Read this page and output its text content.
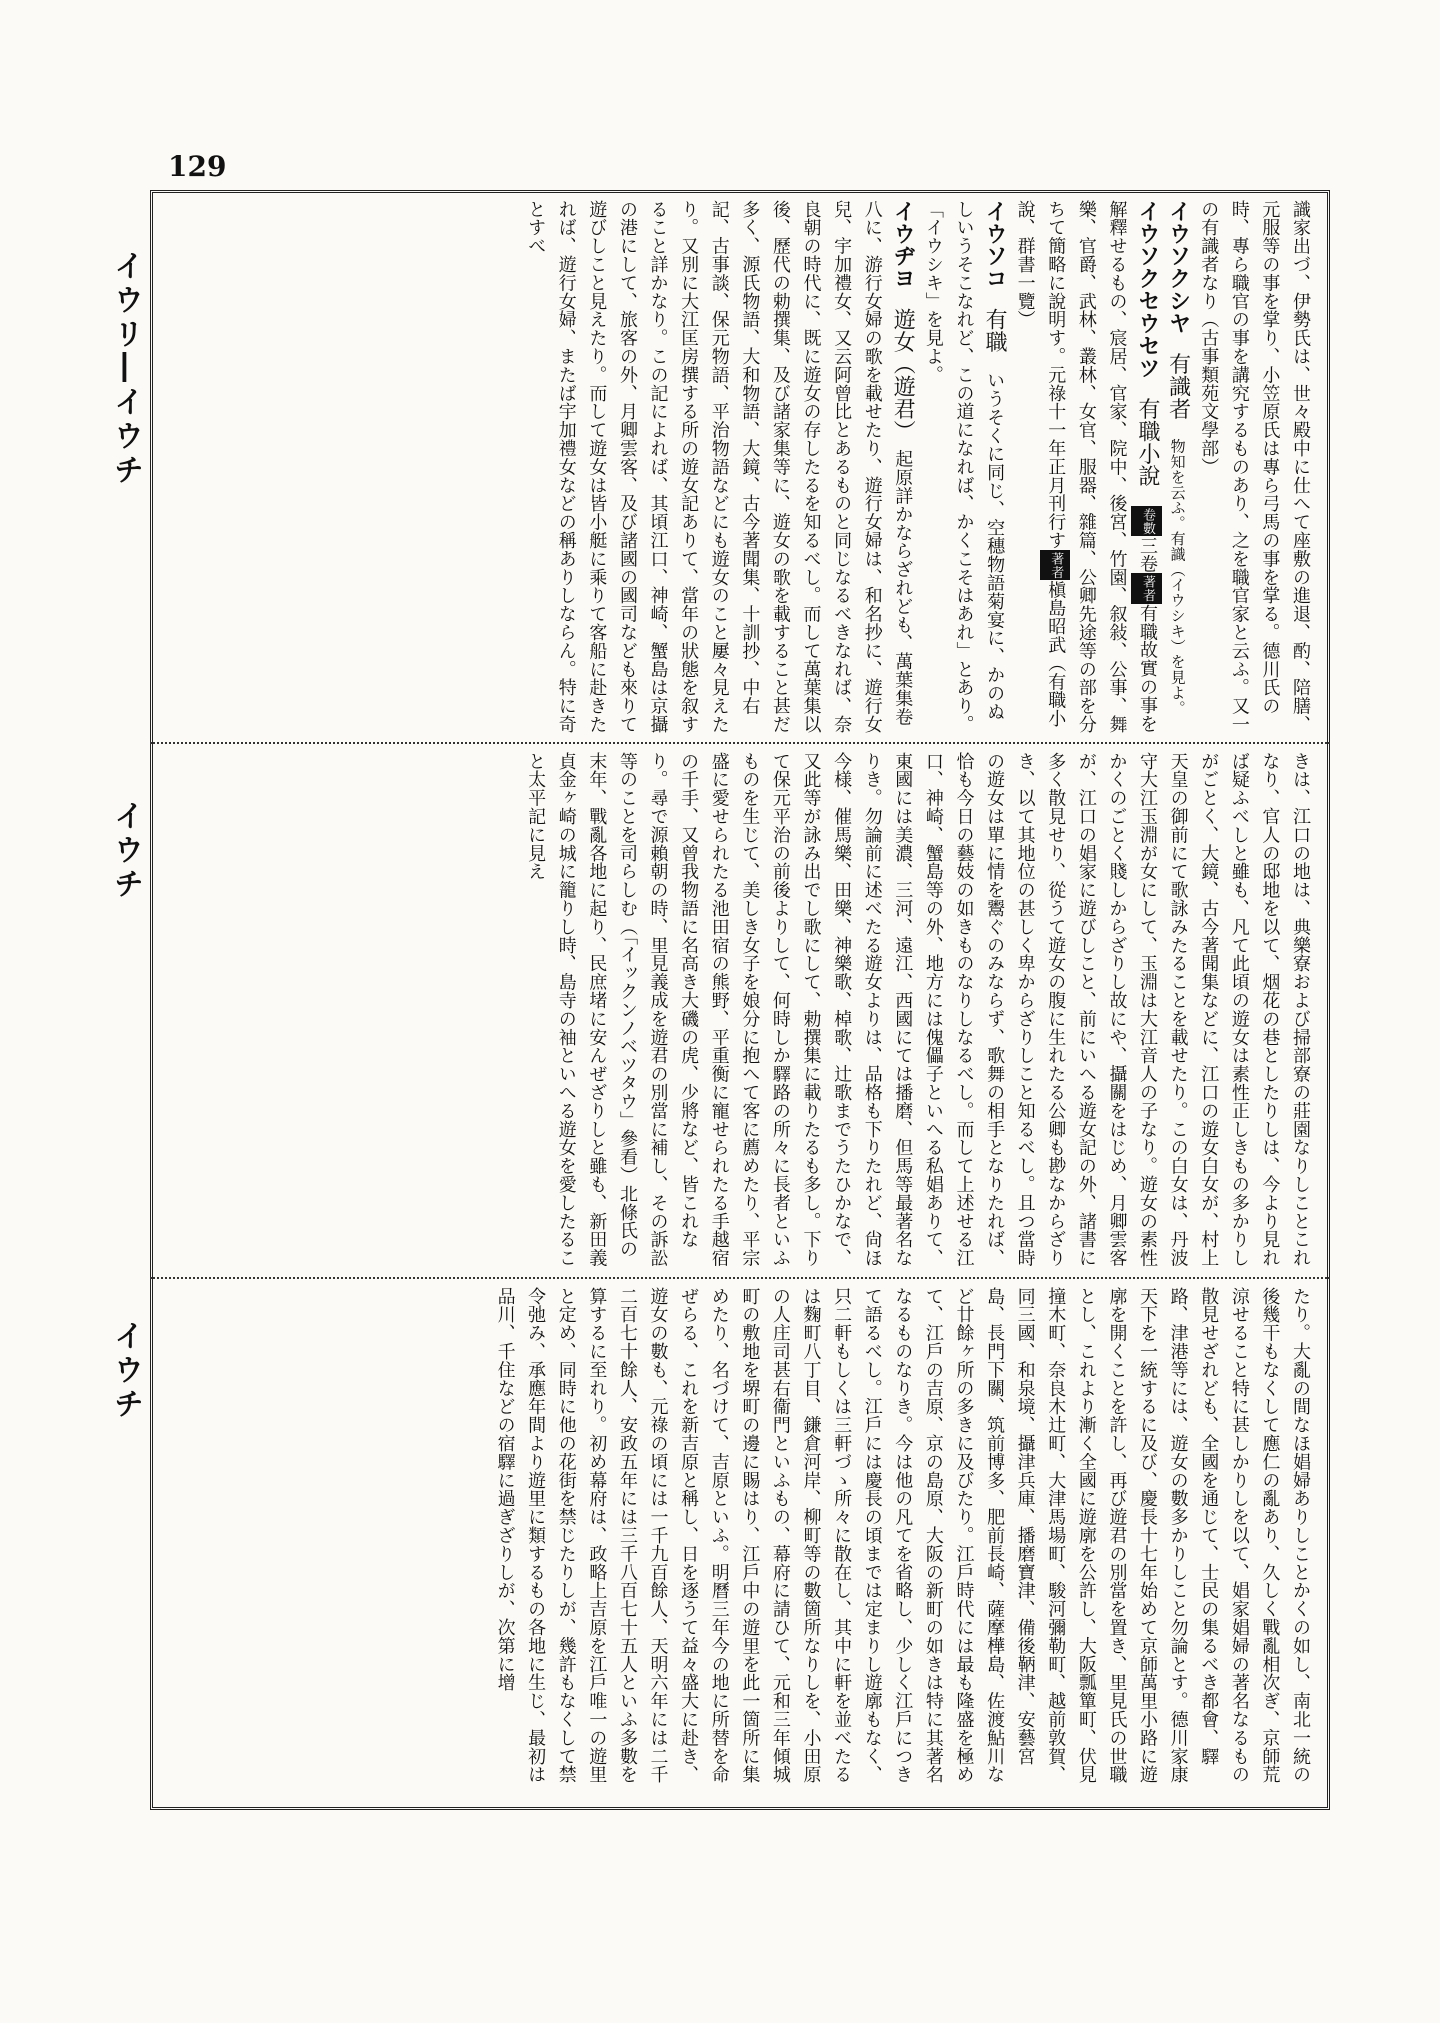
129
イウリ―イウチ
イウチ
イウチ

識家出づ、伊勢氏は、世々殿中に仕へて座敷の進退、酌、陪膳、元服等の事を掌り、小笠原氏は專ら弓馬の事を掌る。德川氏の時、專ら職官の事を講究するものあり、之を職官家と云ふ。又一の有識者なり（古事類苑文學部）

イウソクシヤ　有識者　物知を云ふ。有識（イウシキ）を見よ。

イウソクセウセツ　有職小說　卷數三卷著者有職故實の事を解釋せるもの、宸居、官家、院中、後宮、竹園、叙敍、公事、舞樂、官爵、武林、叢林、女官、服器、雜篇、公卿先途等の部を分ちて簡略に說明す。元祿十一年正月刊行す著者槇島昭武（有職小說、群書一覽）

イウソコ　有職　いうそくに同じ、空穗物語菊宴に、かのぬしいうそこなれど、この道になれば、かくこそはあれ」とあり。「イウシキ」を見よ。

イウヂヨ　遊女（遊君）　起原詳かならざれども、萬葉集卷八に、游行女婦の歌を載せたり、遊行女婦は、和名抄に、遊行女兒、宇加禮女、又云阿曾比とあるものと同じなるべきなれば、奈良朝の時代に、既に遊女の存したるを知るべし。而して萬葉集以後、歷代の勅撰集、及び諸家集等に、遊女の歌を載すること甚だ多く、源氏物語、大和物語、大鏡、古今著聞集、十訓抄、中右記、古事談、保元物語、平治物語などにも遊女のこと屢々見えたり。又別に大江匡房撰する所の遊女記ありて、當年の狀態を叙すること詳かなり。この記によれば、其頃江口、神崎、蟹島は京攝の港にして、旅客の外、月卿雲客、及び諸國の國司なども來りて遊びしこと見えたり。而して遊女は皆小艇に乘りて客船に赴きたれば、遊行女婦、またば宇加禮女などの稱ありしならん。特に奇とすべ

きは、江口の地は、典樂寮および掃部寮の莊園なりしことこれなり、官人の邸地を以て、烟花の巷としたりしは、今より見れば疑ふべしと雖も、凡て此頃の遊女は素性正しきもの多かりしがごとく、大鏡、古今著聞集などに、江口の遊女白女が、村上天皇の御前にて歌詠みたることを載せたり。この白女は、丹波守大江玉淵が女にして、玉淵は大江音人の子なり。遊女の素性かくのごとく賤しからざりし故にや、攝關をはじめ、月卿雲客が、江口の娼家に遊びしこと、前にいへる遊女記の外、諸書に多く散見せり、從うて遊女の腹に生れたる公卿も尠なからざりき、以て其地位の甚しく卑からざりしこと知るべし。且つ當時の遊女は單に情を鬻ぐのみならず、歌舞の相手となりたれば、恰も今日の藝妓の如きものなりしなるべし。而して上述せる江口、神崎、蟹島等の外、地方には傀儡子といへる私娼ありて、東國には美濃、三河、遠江、西國にては播磨、但馬等最著名なりき。勿論前に述べたる遊女よりは、品格も下りたれど、尙ほ今様、催馬樂、田樂、神樂歌、棹歌、辻歌までうたひかなで、又此等が詠み出でし歌にして、勅撰集に載りたるも多し。下りて保元平治の前後よりして、何時しか驛路の所々に長者といふものを生じて、美しき女子を娘分に抱へて客に薦めたり、平宗盛に愛せられたる池田宿の熊野、平重衡に寵せられたる手越宿の千手、又曾我物語に名高き大磯の虎、少將など、皆これなり。尋で源賴朝の時、里見義成を遊君の別當に補し、その訴訟等のことを司らしむ（「イックンノベツタウ」參看）北條氏の末年、戰亂各地に起り、民庶堵に安んぜざりしと雖も、新田義貞金ヶ崎の城に籠りし時、島寺の袖といへる遊女を愛したること太平記に見え

たり。大亂の間なほ娼婦ありしことかくの如し、南北一統の後幾干もなくして應仁の亂あり、久しく戰亂相次ぎ、京師荒涼せること特に甚しかりしを以て、娼家娼婦の著名なるもの散見せざれども、全國を通じて、士民の集るべき都會、驛路、津港等には、遊女の數多かりしこと勿論とす。德川家康天下を一統するに及び、慶長十七年始めて京師萬里小路に遊廓を開くことを許し、再び遊君の別當を置き、里見氏の世職とし、これより漸く全國に遊廓を公許し、大阪瓢簞町、伏見撞木町、奈良木辻町、大津馬場町、駿河彌勒町、越前敦賀、同三國、和泉境、攝津兵庫、播磨寶津、備後鞆津、安藝宮島、長門下關、筑前博多、肥前長崎、薩摩樺島、佐渡鮎川など廿餘ヶ所の多きに及びたり。江戶時代には最も隆盛を極めて、江戶の吉原、京の島原、大阪の新町の如きは特に其著名なるものなりき。今は他の凡てを省略し、少しく江戶につきて語るべし。江戶には慶長の頃までは定まりし遊廓もなく、只二軒もしくは三軒づゝ所々に散在し、其中に軒を並べたるは麴町八丁目、鎌倉河岸、柳町等の數箇所なりしを、小田原の人庄司甚右衞門といふもの、幕府に請ひて、元和三年傾城町の敷地を堺町の邊に賜はり、江戶中の遊里を此一箇所に集めたり、名づけて、吉原といふ。明曆三年今の地に所替を命ぜらる、これを新吉原と稱し、日を逐うて益々盛大に赴き、遊女の數も、元祿の頃には一千九百餘人、天明六年には二千二百七十餘人、安政五年には三千八百七十五人といふ多數を算するに至れり。初め幕府は、政略上吉原を江戶唯一の遊里と定め、同時に他の花街を禁じたりしが、幾許もなくして禁令弛み、承應年間より遊里に類するもの各地に生じ、最初は品川、千住などの宿驛に過ぎざりしが、次第に增
